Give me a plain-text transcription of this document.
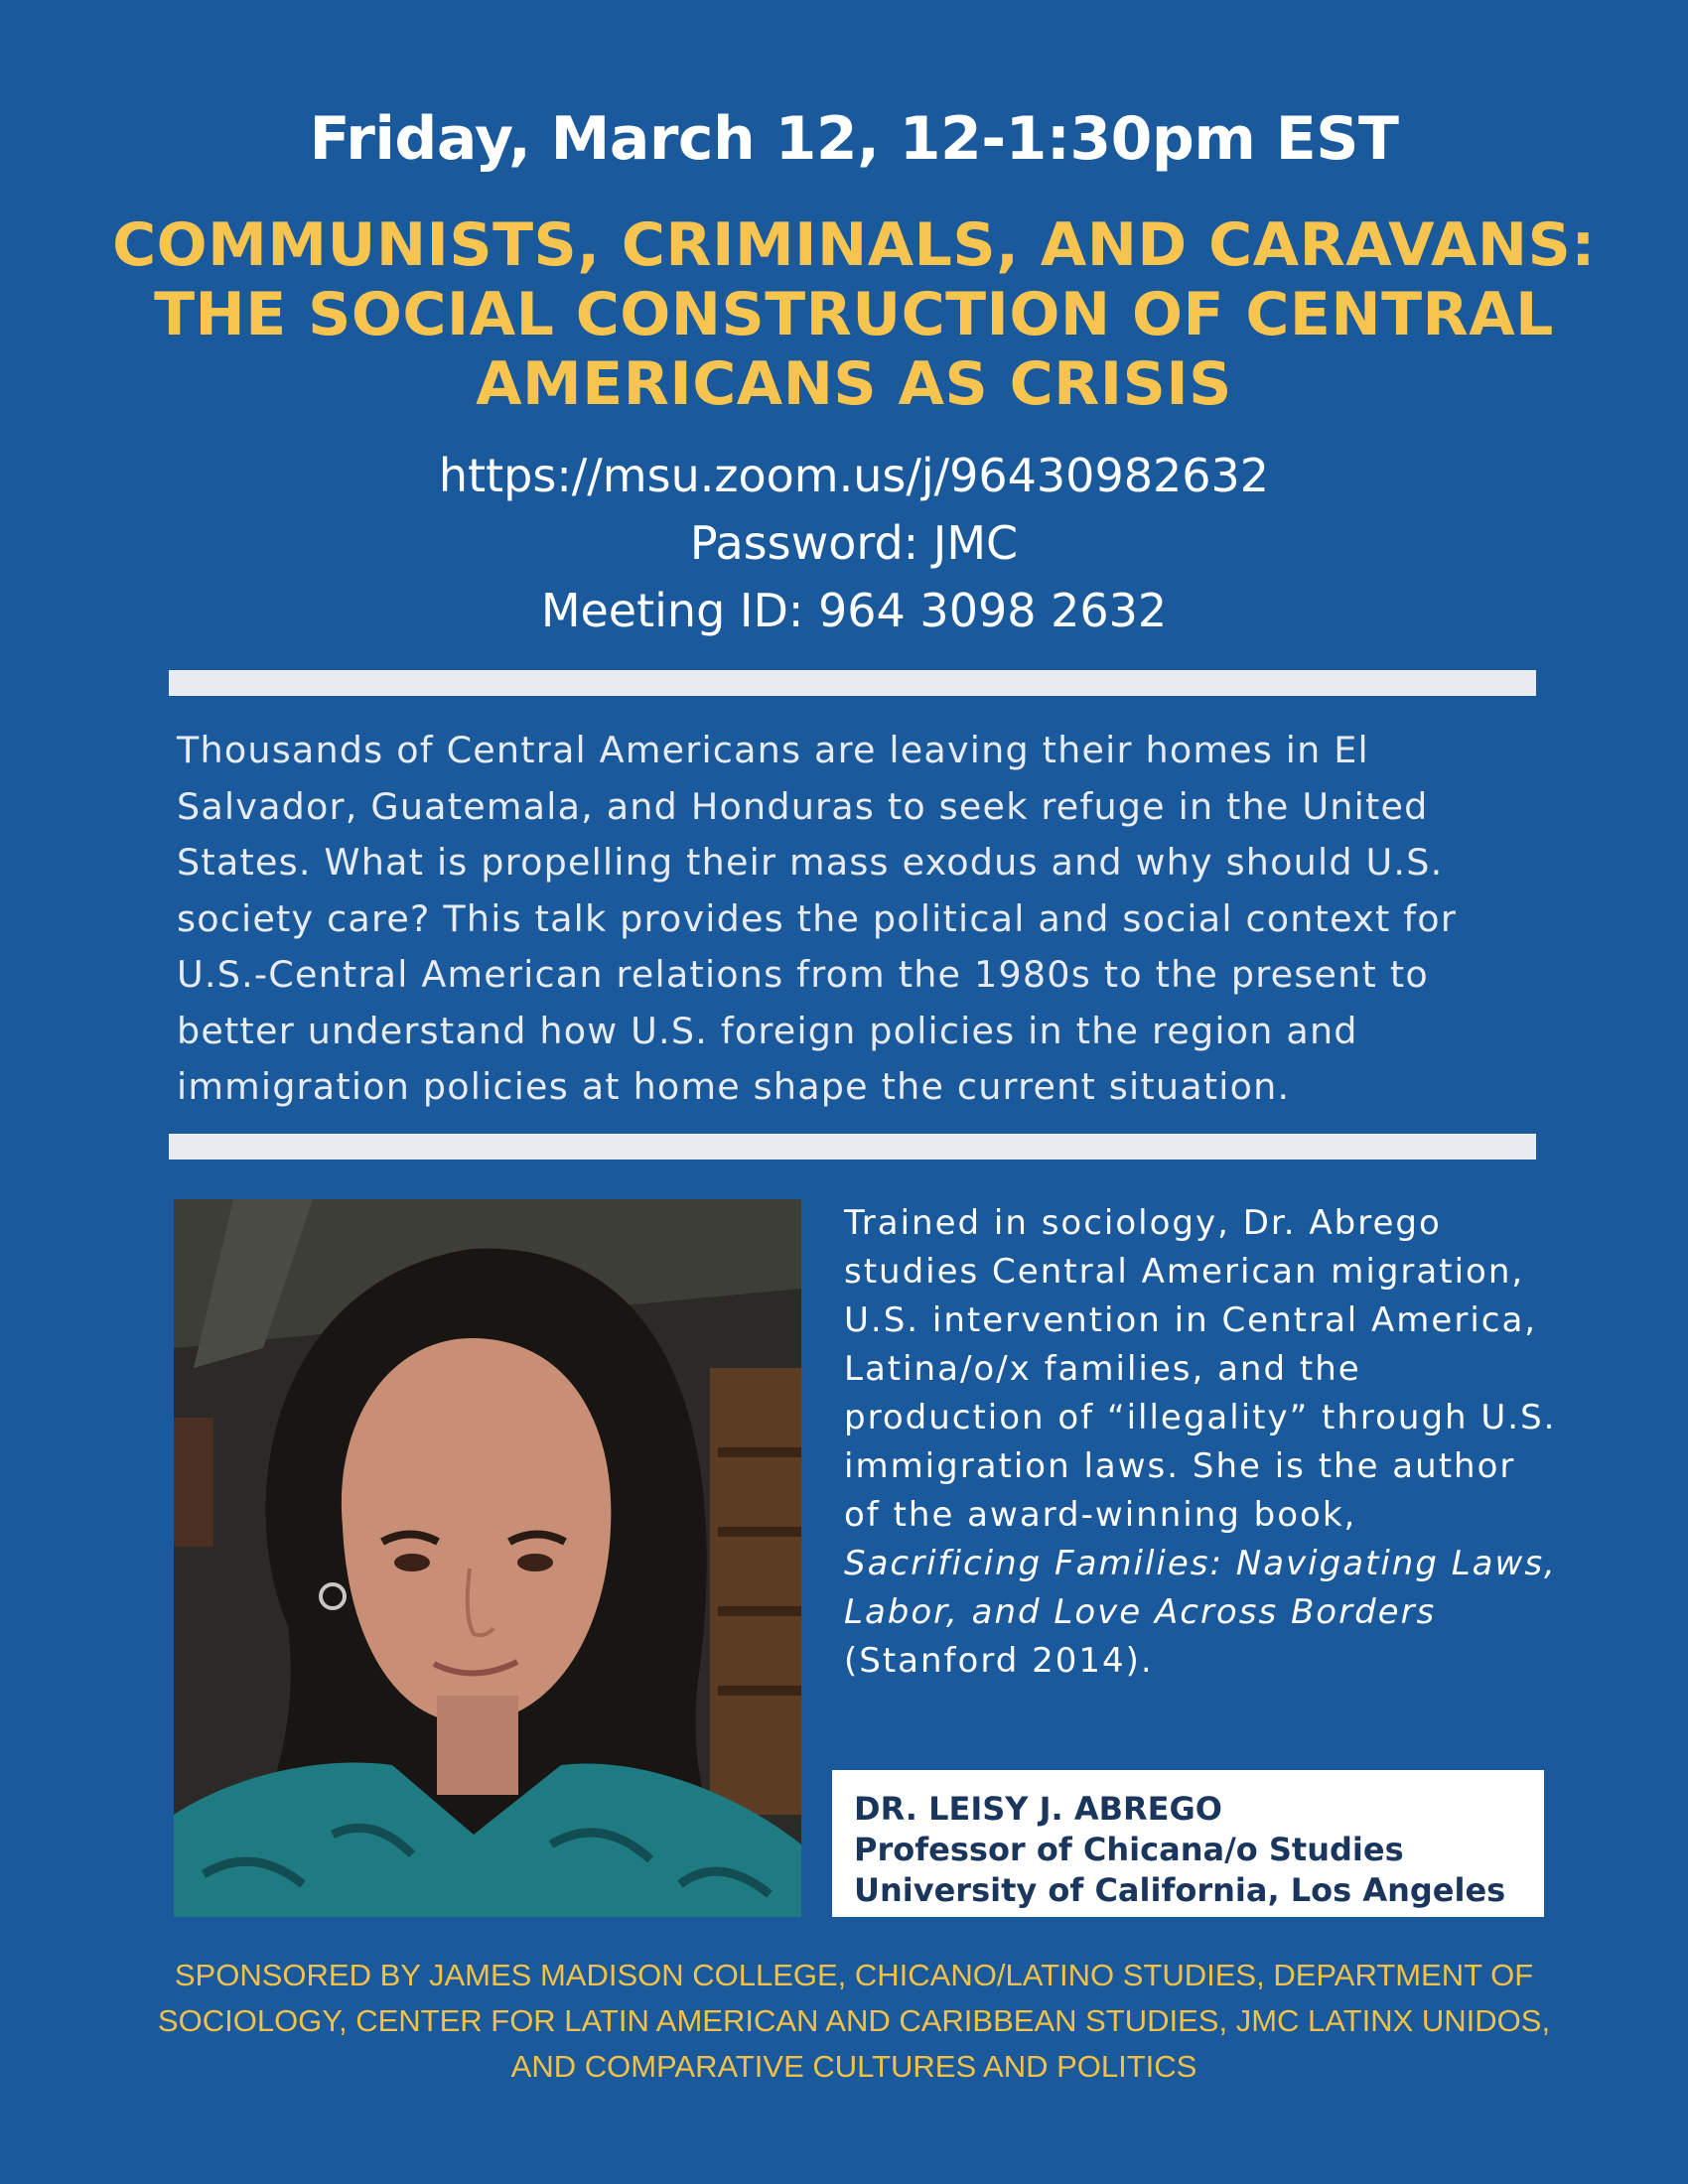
Friday, March 12, 12-1:30pm EST
COMMUNISTS, CRIMINALS, AND CARAVANS:
THE SOCIAL CONSTRUCTION OF CENTRAL
AMERICANS AS CRISIS
https://msu.zoom.us/j/96430982632
Password: JMC
Meeting ID: 964 3098 2632
Thousands of Central Americans are leaving their homes in El Salvador, Guatemala, and Honduras to seek refuge in the United States. What is propelling their mass exodus and why should U.S. society care? This talk provides the political and social context for U.S.-Central American relations from the 1980s to the present to better understand how U.S. foreign policies in the region and immigration policies at home shape the current situation.
Trained in sociology, Dr. Abrego studies Central American migration, U.S. intervention in Central America, Latina/o/x families, and the production of “illegality” through U.S. immigration laws. She is the author of the award-winning book, Sacrificing Families: Navigating Laws, Labor, and Love Across Borders (Stanford 2014).
DR. LEISY J. ABREGO
Professor of Chicana/o Studies
University of California, Los Angeles
SPONSORED BY JAMES MADISON COLLEGE, CHICANO/LATINO STUDIES, DEPARTMENT OF SOCIOLOGY, CENTER FOR LATIN AMERICAN AND CARIBBEAN STUDIES, JMC LATINX UNIDOS, AND COMPARATIVE CULTURES AND POLITICS
